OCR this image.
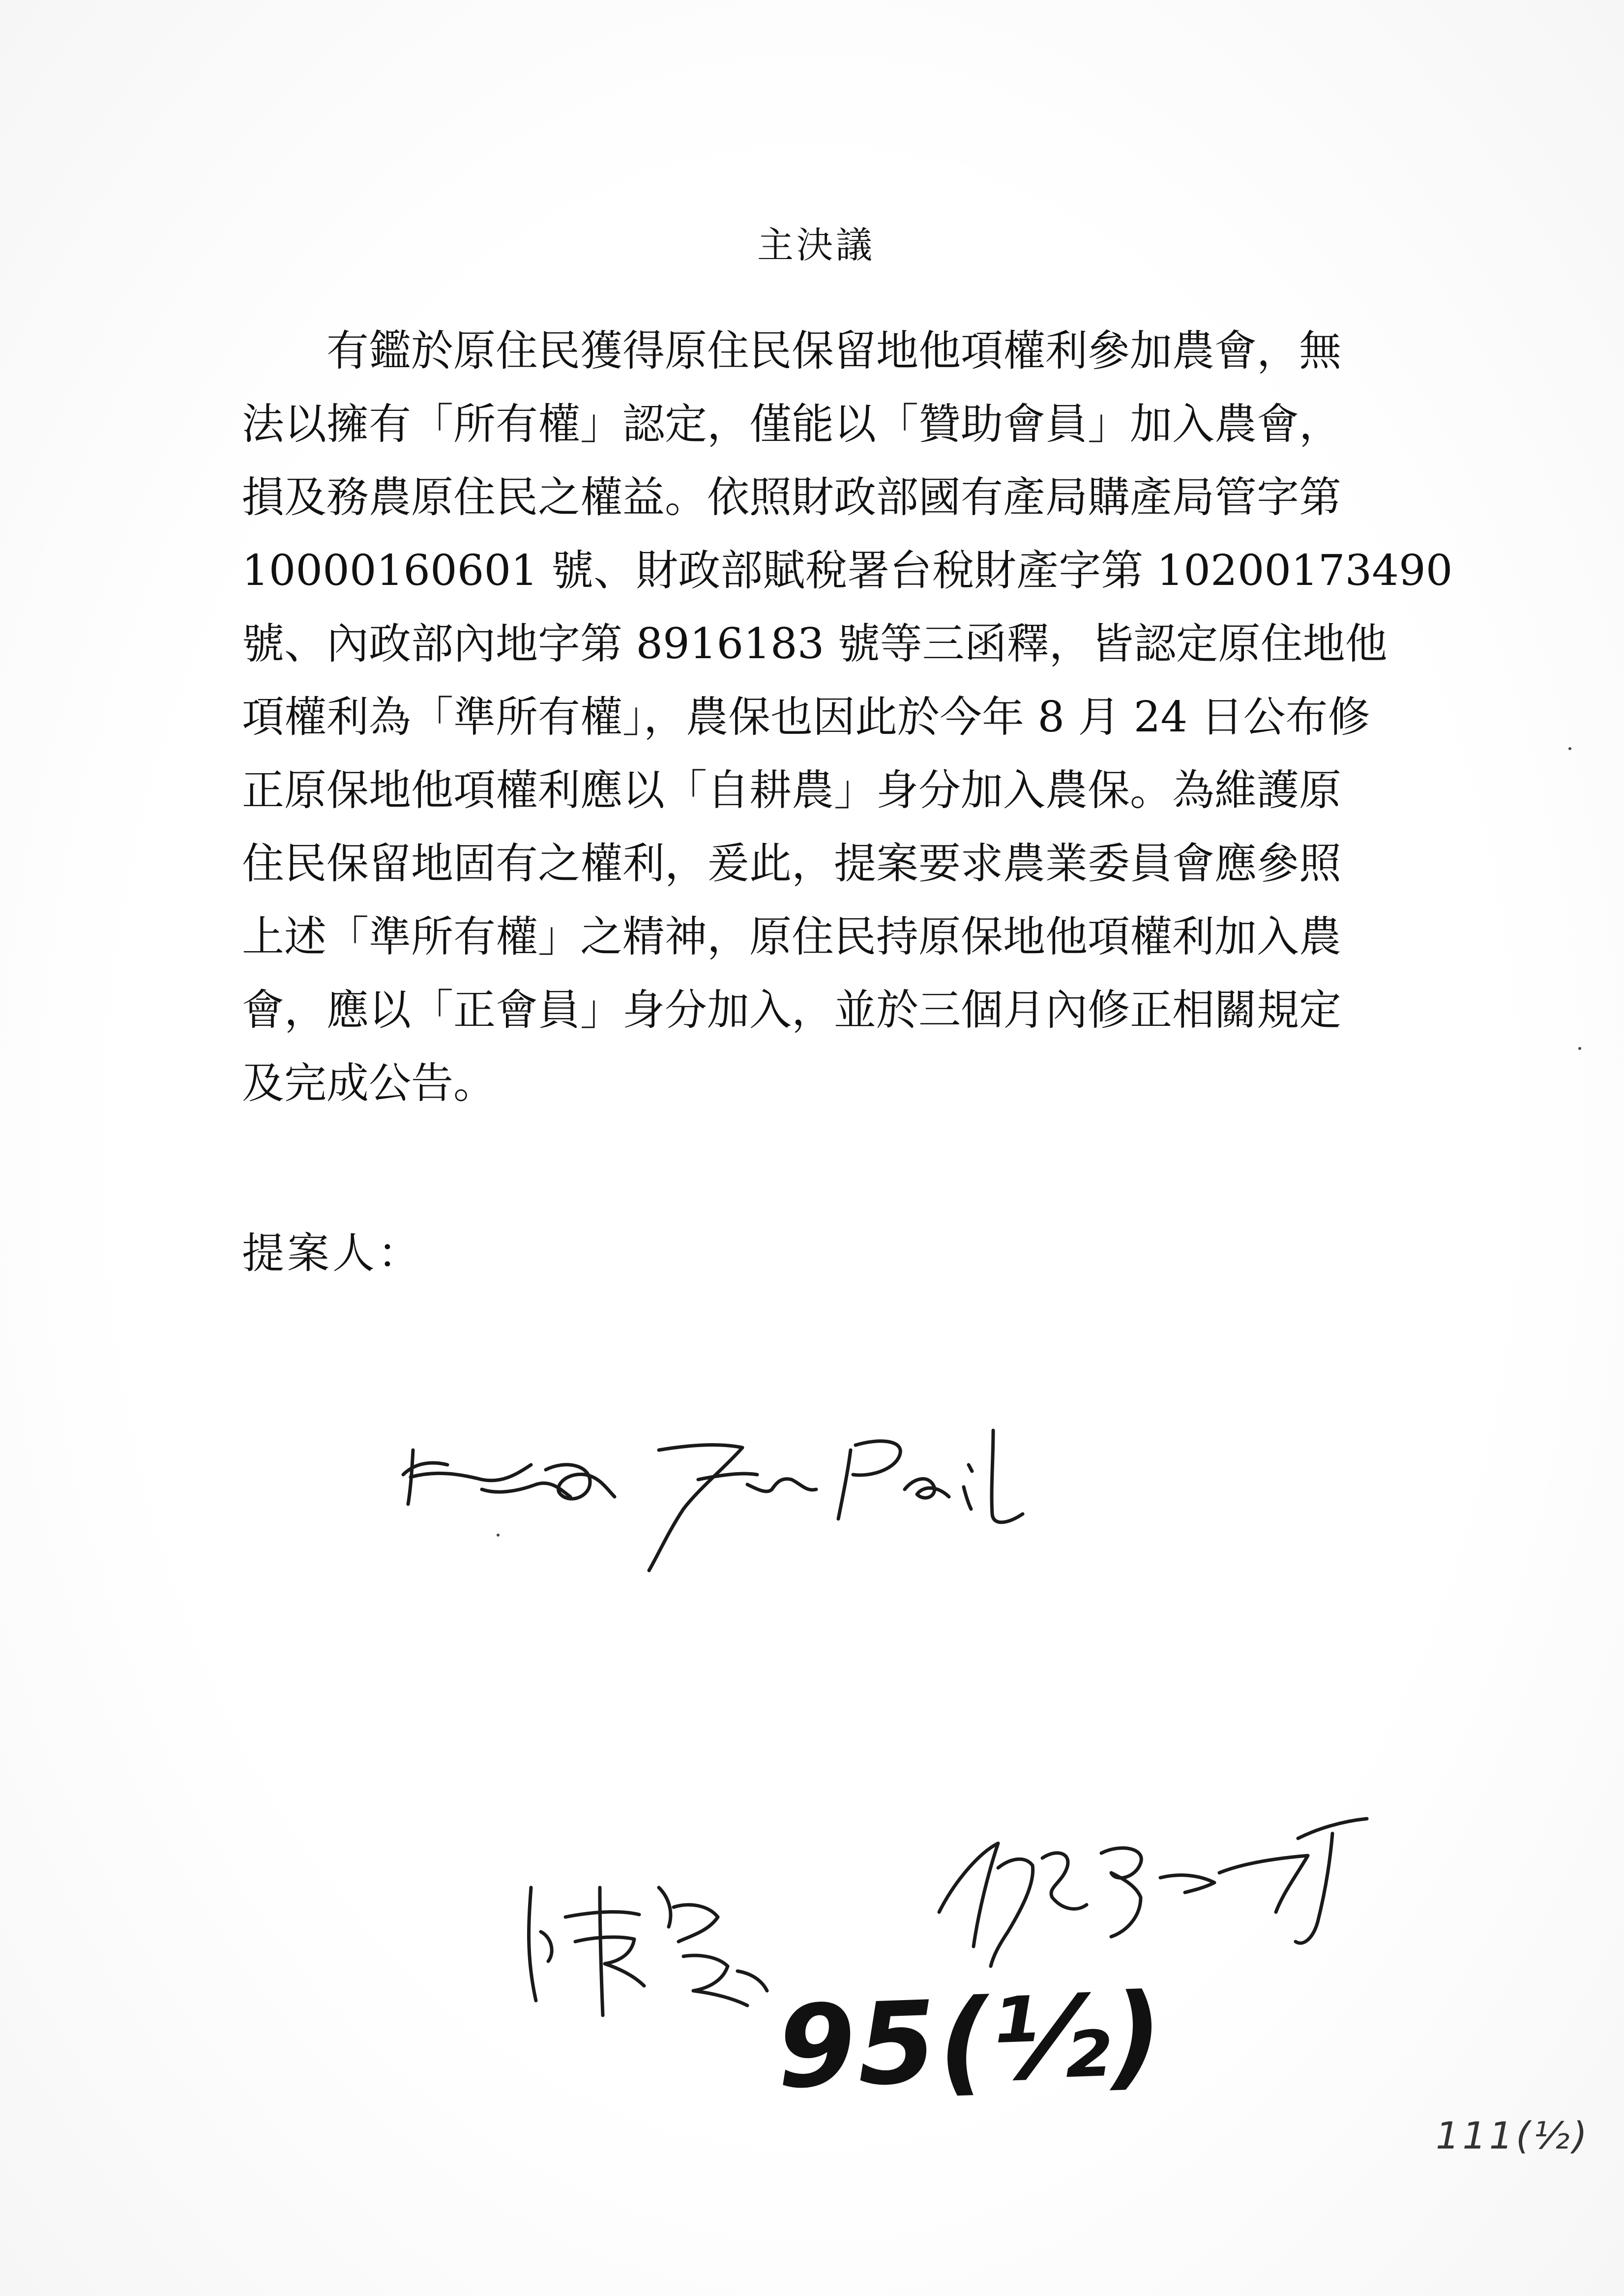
主決議
有鑑於原住民獲得原住民保留地他項權利參加農會，無
法以擁有「所有權」認定，僅能以「贊助會員」加入農會，
損及務農原住民之權益。依照財政部國有產局購產局管字第
10000160601 號、財政部賦稅署台稅財產字第 10200173490
號、內政部內地字第 8916183 號等三函釋，皆認定原住地他
項權利為「準所有權」，農保也因此於今年 8 月 24 日公布修
正原保地他項權利應以「自耕農」身分加入農保。為維護原
住民保留地固有之權利，爰此，提案要求農業委員會應參照
上述「準所有權」之精神，原住民持原保地他項權利加入農
會，應以「正會員」身分加入，並於三個月內修正相關規定
及完成公告。
提案人：
95(½)
111(½)
